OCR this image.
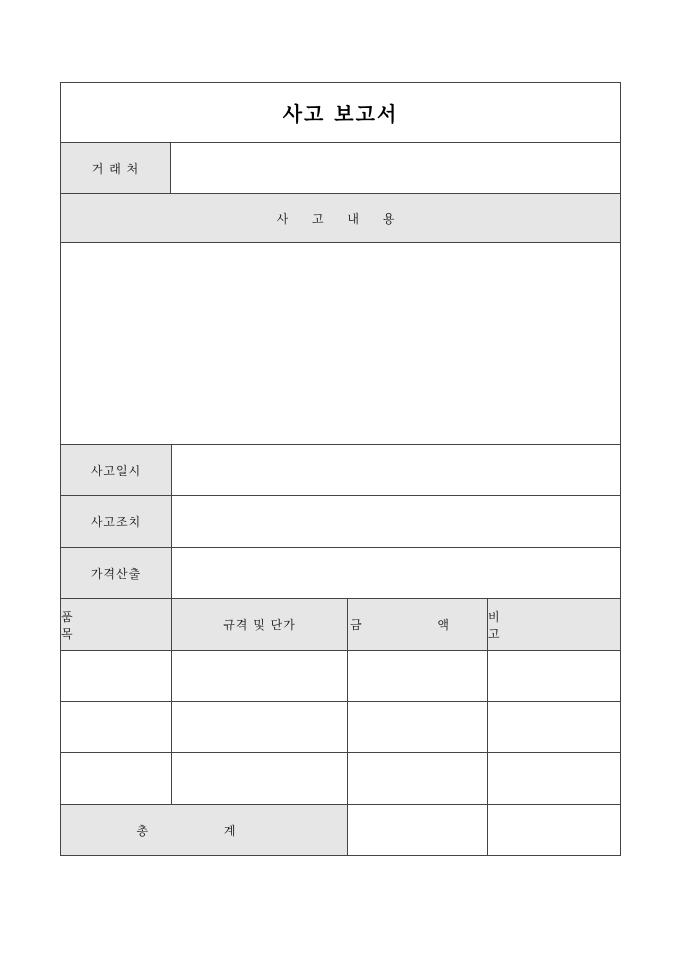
사고 보고서
거 래 처
사 고 내 용
사고일시
사고조치
가격산출
품 목
규격 및 단가	금 액
비 고
총 계
